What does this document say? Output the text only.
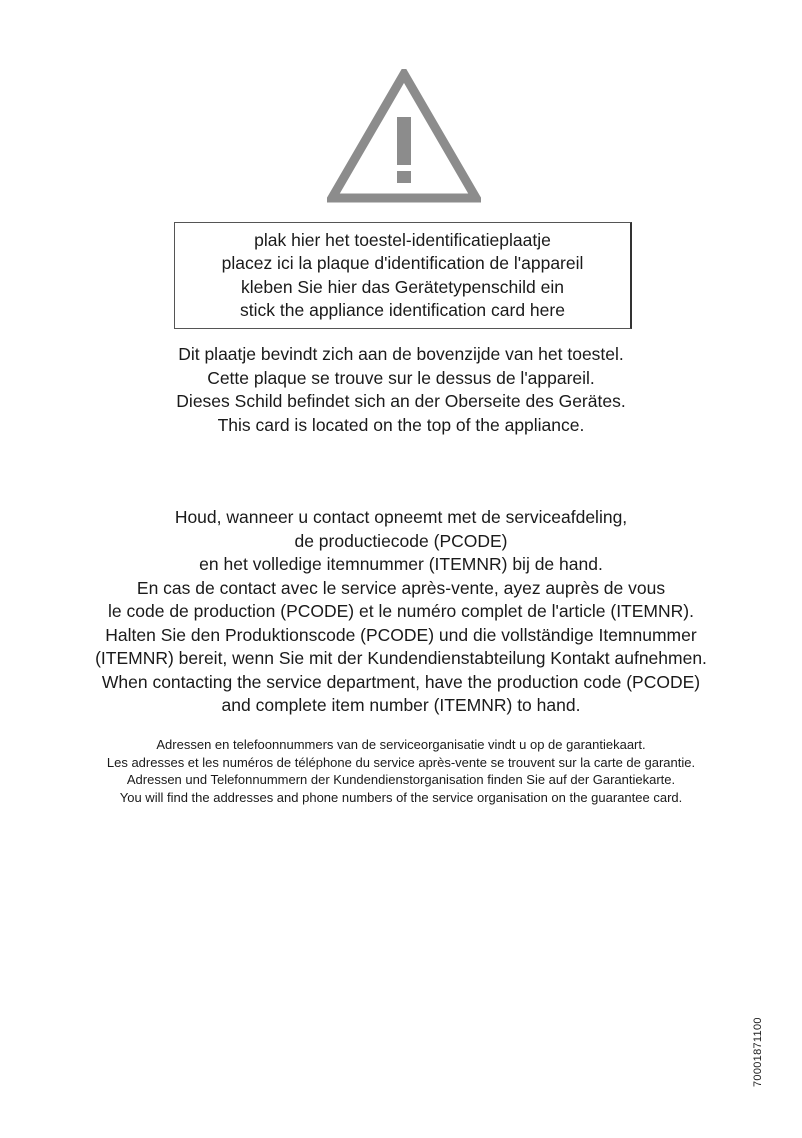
plak hier het toestel-identificatieplaatje
placez ici la plaque d'identification de l'appareil
kleben Sie hier das Gerätetypenschild ein
stick the appliance identification card here
Dit plaatje bevindt zich aan de bovenzijde van het toestel.
Cette plaque se trouve sur le dessus de l'appareil.
Dieses Schild befindet sich an der Oberseite des Gerätes.
This card is located on the top of the appliance.
Houd, wanneer u contact opneemt met de serviceafdeling,
de productiecode (PCODE)
en het volledige itemnummer (ITEMNR) bij de hand.
En cas de contact avec le service après-vente, ayez auprès de vous
le code de production (PCODE) et le numéro complet de l'article (ITEMNR).
Halten Sie den Produktionscode (PCODE) und die vollständige Itemnummer
(ITEMNR) bereit, wenn Sie mit der Kundendienstabteilung Kontakt aufnehmen.
When contacting the service department, have the production code (PCODE)
and complete item number (ITEMNR) to hand.
Adressen en telefoonnummers van de serviceorganisatie vindt u op de garantiekaart.
Les adresses et les numéros de téléphone du service après-vente se trouvent sur la carte de garantie.
Adressen und Telefonnummern der Kundendienstorganisation finden Sie auf der Garantiekarte.
You will find the addresses and phone numbers of the service organisation on the guarantee card.
70001871100
